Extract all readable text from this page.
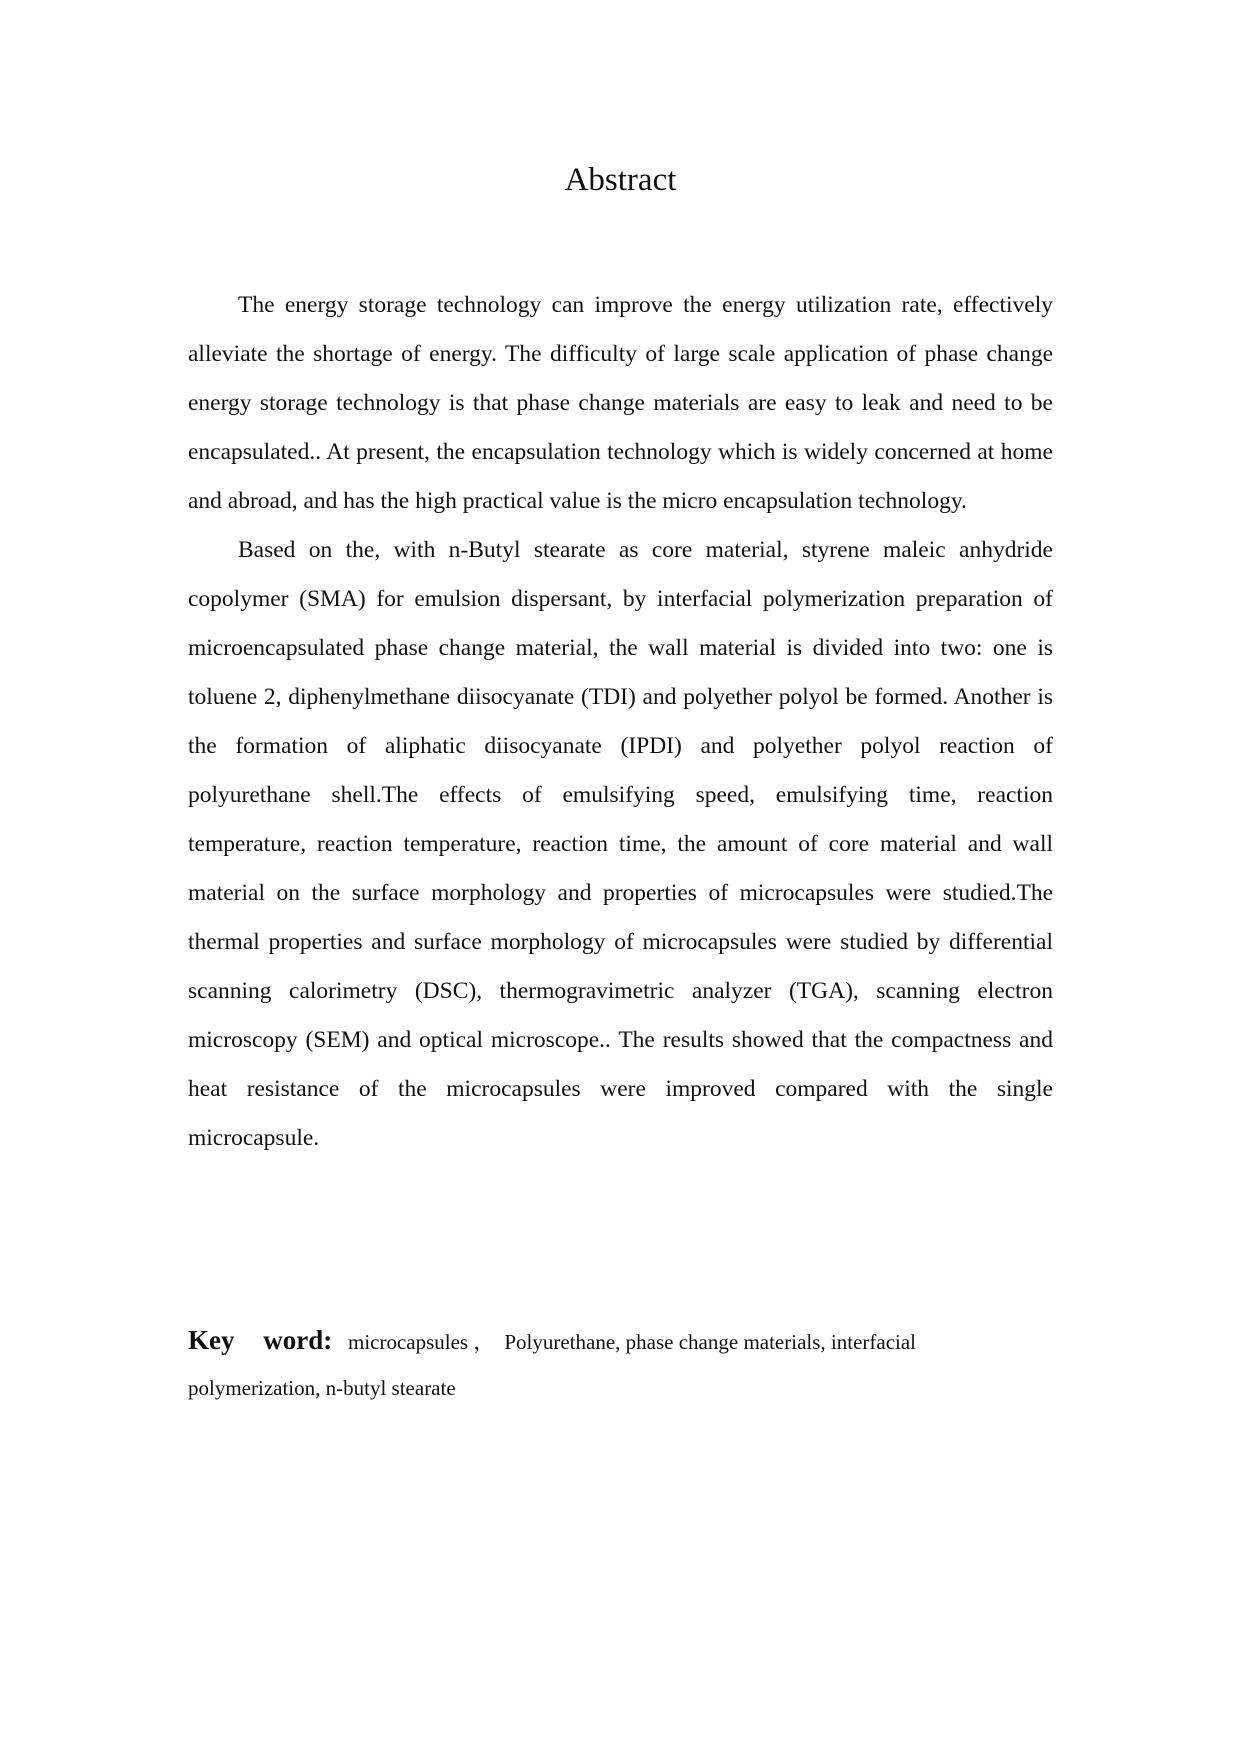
Abstract

The energy storage technology can improve the energy utilization rate, effectively alleviate the shortage of energy. The difficulty of large scale application of phase change energy storage technology is that phase change materials are easy to leak and need to be encapsulated.. At present, the encapsulation technology which is widely concerned at home and abroad, and has the high practical value is the micro encapsulation technology.

Based on the, with n-Butyl stearate as core material, styrene maleic anhydride copolymer (SMA) for emulsion dispersant, by interfacial polymerization preparation of microencapsulated phase change material, the wall material is divided into two: one is toluene 2, diphenylmethane diisocyanate (TDI) and polyether polyol be formed. Another is the formation of aliphatic diisocyanate (IPDI) and polyether polyol reaction of polyurethane shell.The effects of emulsifying speed, emulsifying time, reaction temperature, reaction temperature, reaction time, the amount of core material and wall material on the surface morphology and properties of microcapsules were studied.The thermal properties and surface morphology of microcapsules were studied by differential scanning calorimetry (DSC), thermogravimetric analyzer (TGA), scanning electron microscopy (SEM) and optical microscope.. The results showed that the compactness and heat resistance of the microcapsules were improved compared with the single microcapsule.

Key word: microcapsules ， Polyurethane, phase change materials, interfacial polymerization, n-butyl stearate
